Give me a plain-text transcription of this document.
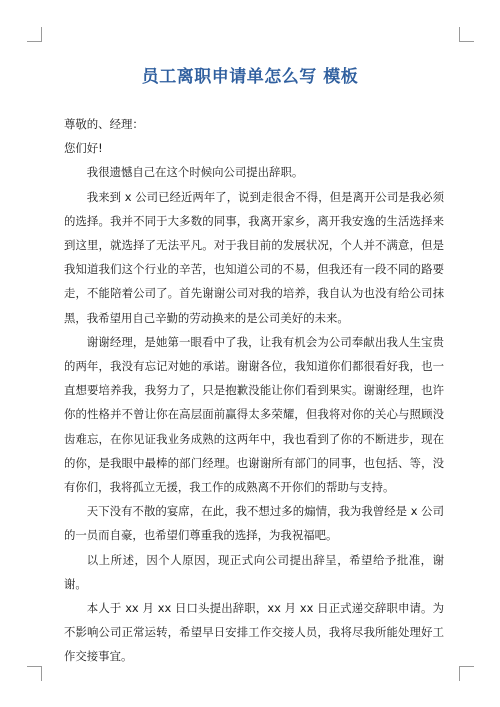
员工离职申请单怎么写 模板

尊敬的、经理：

您们好!

我很遗憾自己在这个时候向公司提出辞职。

我来到 x 公司已经近两年了，说到走很舍不得，但是离开公司是我必须的选择。我并不同于大多数的同事，我离开家乡，离开我安逸的生活选择来到这里，就选择了无法平凡。对于我目前的发展状况，个人并不满意，但是我知道我们这个行业的辛苦，也知道公司的不易，但我还有一段不同的路要走，不能陪着公司了。首先谢谢公司对我的培养，我自认为也没有给公司抹黑，我希望用自己辛勤的劳动换来的是公司美好的未来。

谢谢经理，是她第一眼看中了我，让我有机会为公司奉献出我人生宝贵的两年，我没有忘记对她的承诺。谢谢各位，我知道你们都很看好我，也一直想要培养我，我努力了，只是抱歉没能让你们看到果实。谢谢经理，也许你的性格并不曾让你在高层面前赢得太多荣耀，但我将对你的关心与照顾没齿难忘，在你见证我业务成熟的这两年中，我也看到了你的不断进步，现在的你，是我眼中最棒的部门经理。也谢谢所有部门的同事，也包括、等，没有你们，我将孤立无援，我工作的成熟离不开你们的帮助与支持。

天下没有不散的宴席，在此，我不想过多的煽情，我为我曾经是 x 公司的一员而自豪，也希望们尊重我的选择，为我祝福吧。

以上所述，因个人原因，现正式向公司提出辞呈，希望给予批准，谢谢。

本人于 xx 月 xx 日口头提出辞职，xx 月 xx 日正式递交辞职申请。为不影响公司正常运转，希望早日安排工作交接人员，我将尽我所能处理好工作交接事宜。
